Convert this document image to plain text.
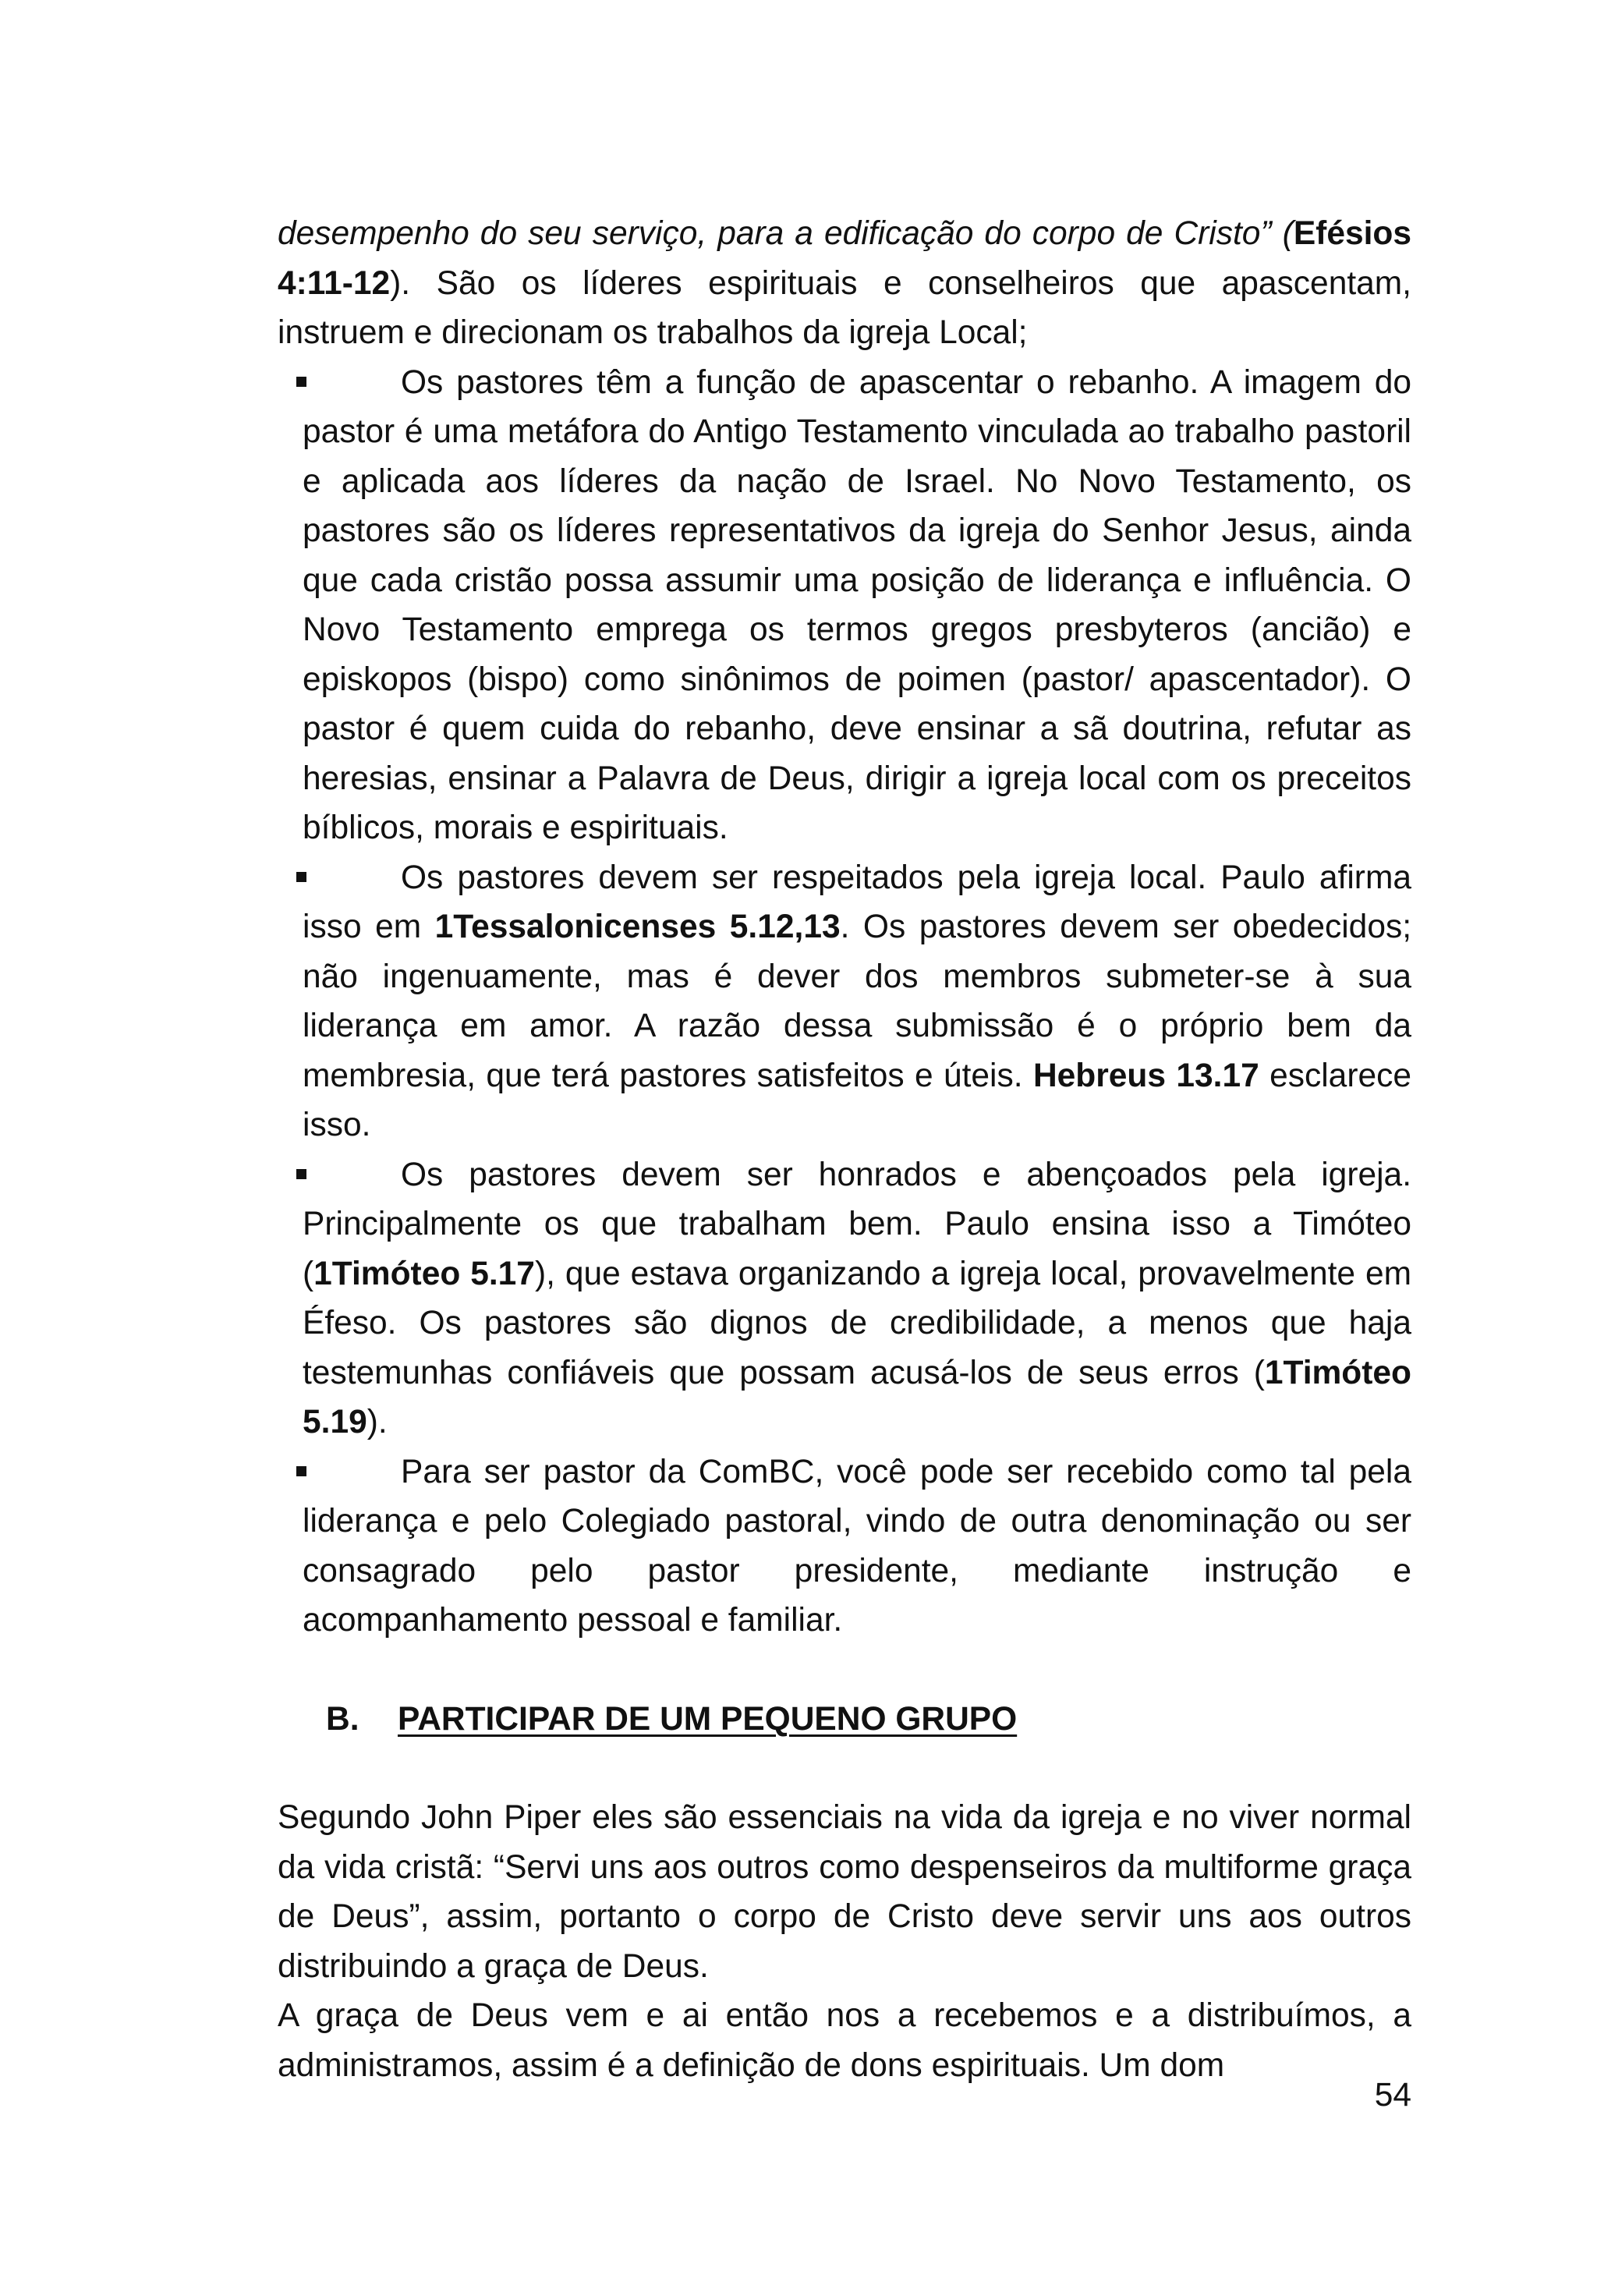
desempenho do seu serviço, para a edificação do corpo de Cristo” (Efésios 4:11-12). São os líderes espirituais e conselheiros que apascentam, instruem e direcionam os trabalhos da igreja Local;

Os pastores têm a função de apascentar o rebanho. A imagem do pastor é uma metáfora do Antigo Testamento vinculada ao trabalho pastoril e aplicada aos líderes da nação de Israel. No Novo Testamento, os pastores são os líderes representativos da igreja do Senhor Jesus, ainda que cada cristão possa assumir uma posição de liderança e influência. O Novo Testamento emprega os termos gregos presbyteros (ancião) e episkopos (bispo) como sinônimos de poimen (pastor/ apascentador). O pastor é quem cuida do rebanho, deve ensinar a sã doutrina, refutar as heresias, ensinar a Palavra de Deus, dirigir a igreja local com os preceitos bíblicos, morais e espirituais.

Os pastores devem ser respeitados pela igreja local. Paulo afirma isso em 1Tessalonicenses 5.12,13. Os pastores devem ser obedecidos; não ingenuamente, mas é dever dos membros submeter-se à sua liderança em amor. A razão dessa submissão é o próprio bem da membresia, que terá pastores satisfeitos e úteis. Hebreus 13.17 esclarece isso.

Os pastores devem ser honrados e abençoados pela igreja. Principalmente os que trabalham bem. Paulo ensina isso a Timóteo (1Timóteo 5.17), que estava organizando a igreja local, provavelmente em Éfeso. Os pastores são dignos de credibilidade, a menos que haja testemunhas confiáveis que possam acusá-los de seus erros (1Timóteo 5.19).

Para ser pastor da ComBC, você pode ser recebido como tal pela liderança e pelo Colegiado pastoral, vindo de outra denominação ou ser consagrado pelo pastor presidente, mediante instrução e acompanhamento pessoal e familiar.

B.	PARTICIPAR DE UM PEQUENO GRUPO

Segundo John Piper eles são essenciais na vida da igreja e no viver normal da vida cristã: “Servi uns aos outros como despenseiros da multiforme graça de Deus”, assim, portanto o corpo de Cristo deve servir uns aos outros distribuindo a graça de Deus.

A graça de Deus vem e ai então nos a recebemos e a distribuímos, a administramos, assim é a definição de dons espirituais. Um dom

54
